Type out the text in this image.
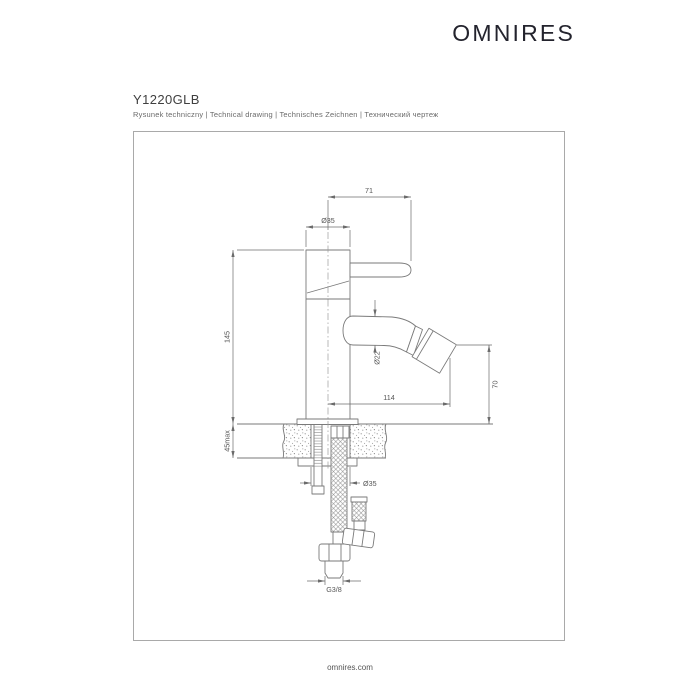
OMNIRES
Y1220GLB
Rysunek techniczny | Technical drawing | Technisches Zeichnen | Технический чертеж
71
Ø35
145
45max
Ø22
114
70
Ø35
G3/8
omnires.com
